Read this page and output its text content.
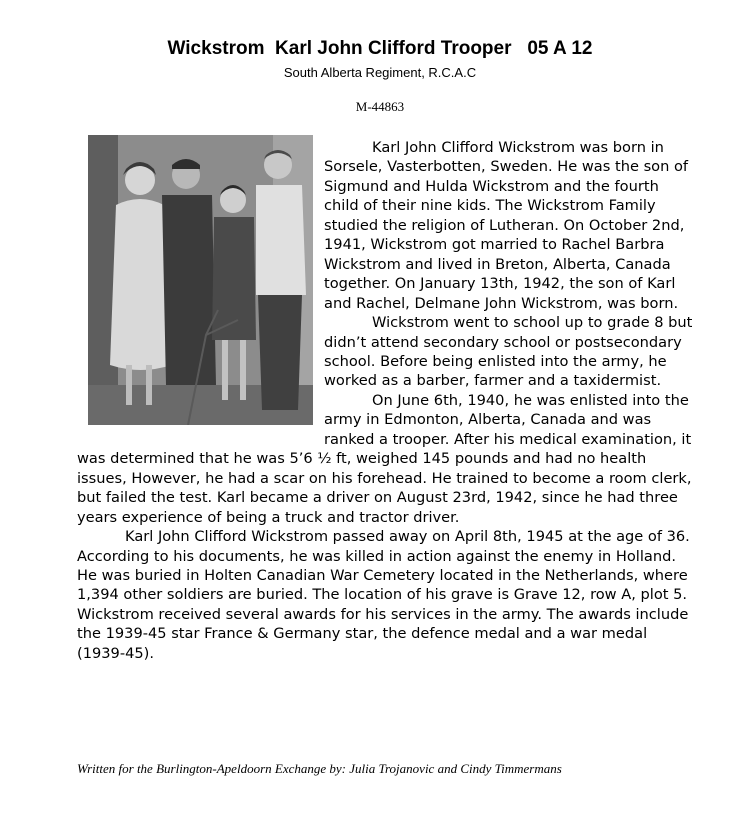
Wickstrom  Karl John Clifford Trooper   05 A 12
South Alberta Regiment, R.C.A.C
M-44863

Karl John Clifford Wickstrom was born in Sorsele, Vasterbotten, Sweden. He was the son of Sigmund and Hulda Wickstrom and the fourth child of their nine kids. The Wickstrom Family studied the religion of Lutheran. On October 2nd, 1941, Wickstrom got married to Rachel Barbra Wickstrom and lived in Breton, Alberta, Canada together. On January 13th, 1942, the son of Karl and Rachel, Delmane John Wickstrom, was born.

Wickstrom went to school up to grade 8 but didn’t attend secondary school or postsecondary school. Before being enlisted into the army, he worked as a barber, farmer and a taxidermist.

On June 6th, 1940, he was enlisted into the army in Edmonton, Alberta, Canada and was ranked a trooper. After his medical examination, it was determined that he was 5’6 ½ ft, weighed 145 pounds and had no health issues, However, he had a scar on his forehead. He trained to become a room clerk, but failed the test. Karl became a driver on August 23rd, 1942, since he had three years experience of being a truck and tractor driver.

Karl John Clifford Wickstrom passed away on April 8th, 1945 at the age of 36. According to his documents, he was killed in action against the enemy in Holland. He was buried in Holten Canadian War Cemetery located in the Netherlands, where 1,394 other soldiers are buried. The location of his grave is Grave 12, row A, plot 5. Wickstrom received several awards for his services in the army. The awards include the 1939-45 star France & Germany star, the defence medal and a war medal (1939-45).

Written for the Burlington-Apeldoorn Exchange by: Julia Trojanovic and Cindy Timmermans
